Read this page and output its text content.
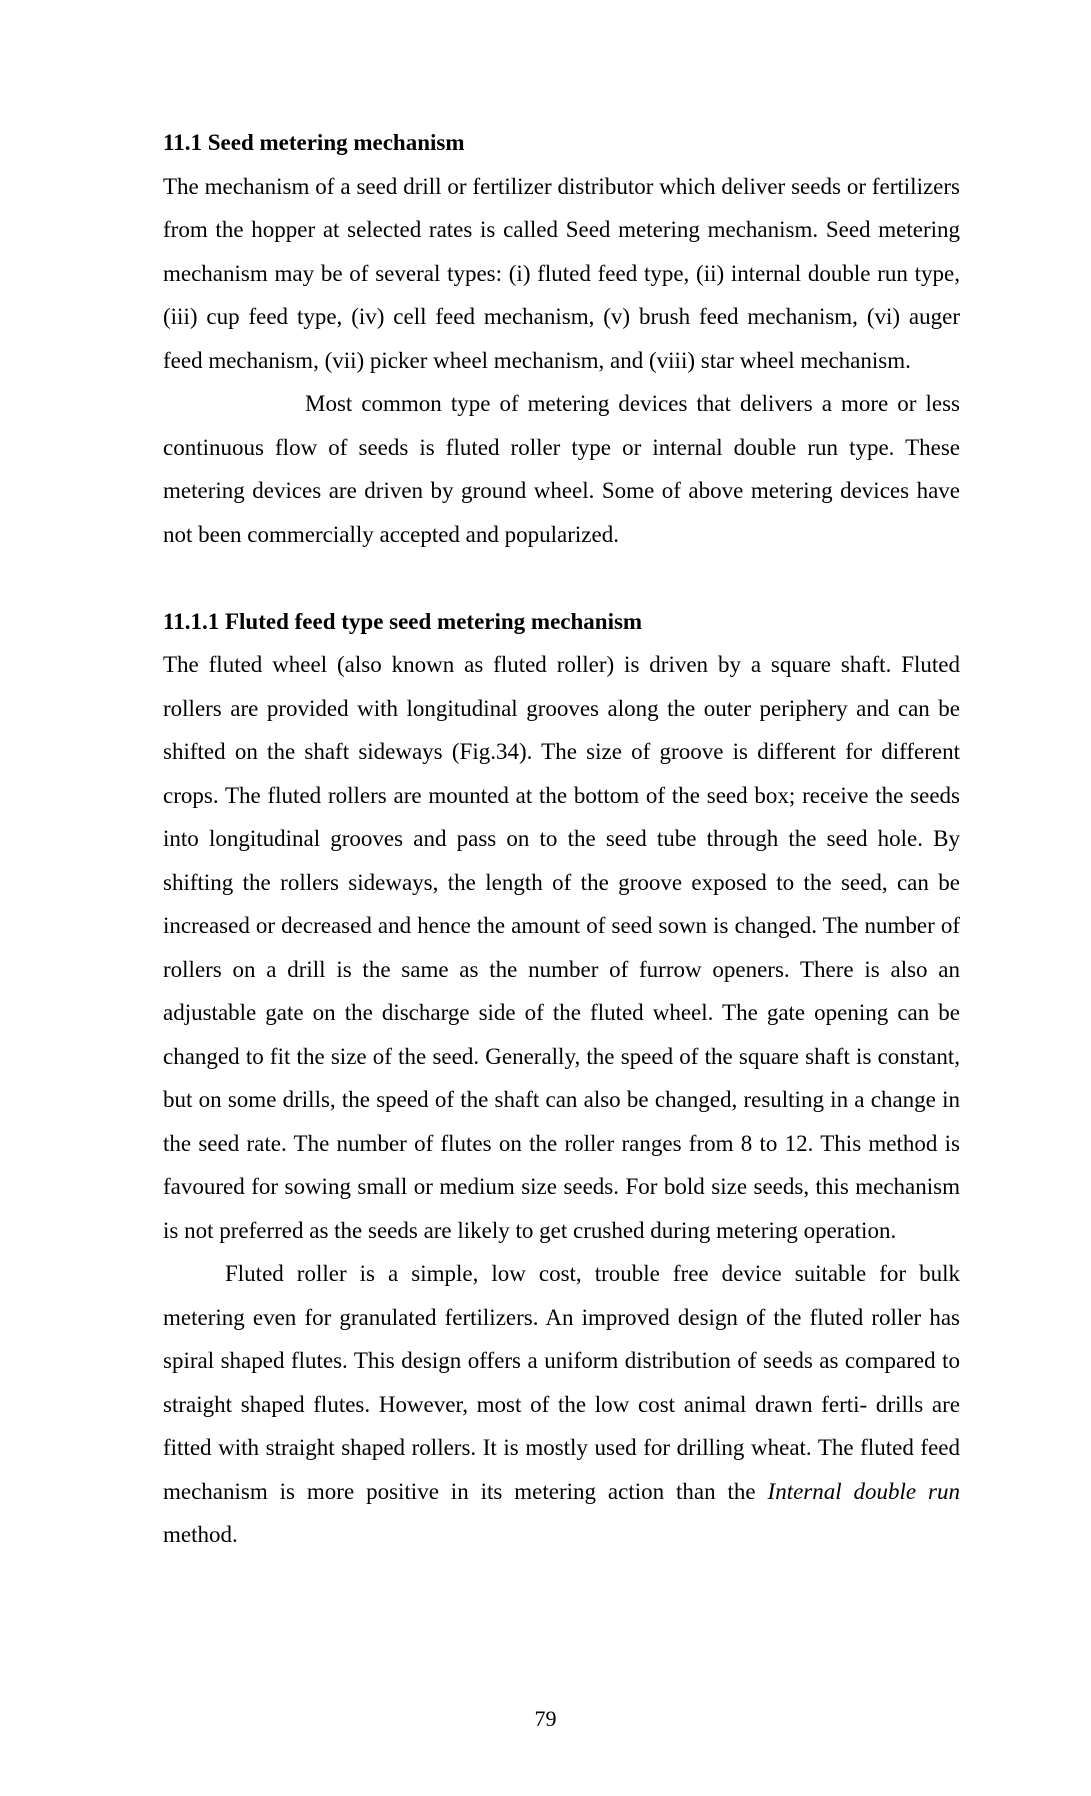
11.1 Seed metering mechanism

The mechanism of a seed drill or fertilizer distributor which deliver seeds or fertilizers from the hopper at selected rates is called Seed metering mechanism. Seed metering mechanism may be of several types: (i) fluted feed type, (ii) internal double run type, (iii) cup feed type, (iv) cell feed mechanism, (v) brush feed mechanism, (vi) auger feed mechanism, (vii) picker wheel mechanism, and (viii) star wheel mechanism.

Most common type of metering devices that delivers a more or less continuous flow of seeds is fluted roller type or internal double run type. These metering devices are driven by ground wheel. Some of above metering devices have not been commercially accepted and popularized.

11.1.1 Fluted feed type seed metering mechanism

The fluted wheel (also known as fluted roller) is driven by a square shaft. Fluted rollers are provided with longitudinal grooves along the outer periphery and can be shifted on the shaft sideways (Fig.34). The size of groove is different for different crops. The fluted rollers are mounted at the bottom of the seed box; receive the seeds into longitudinal grooves and pass on to the seed tube through the seed hole. By shifting the rollers sideways, the length of the groove exposed to the seed, can be increased or decreased and hence the amount of seed sown is changed. The number of rollers on a drill is the same as the number of furrow openers. There is also an adjustable gate on the discharge side of the fluted wheel. The gate opening can be changed to fit the size of the seed. Generally, the speed of the square shaft is constant, but on some drills, the speed of the shaft can also be changed, resulting in a change in the seed rate. The number of flutes on the roller ranges from 8 to 12. This method is favoured for sowing small or medium size seeds. For bold size seeds, this mechanism is not preferred as the seeds are likely to get crushed during metering operation.

Fluted roller is a simple, low cost, trouble free device suitable for bulk metering even for granulated fertilizers. An improved design of the fluted roller has spiral shaped flutes. This design offers a uniform distribution of seeds as compared to straight shaped flutes. However, most of the low cost animal drawn ferti- drills are fitted with straight shaped rollers. It is mostly used for drilling wheat. The fluted feed mechanism is more positive in its metering action than the Internal double run method.

79
